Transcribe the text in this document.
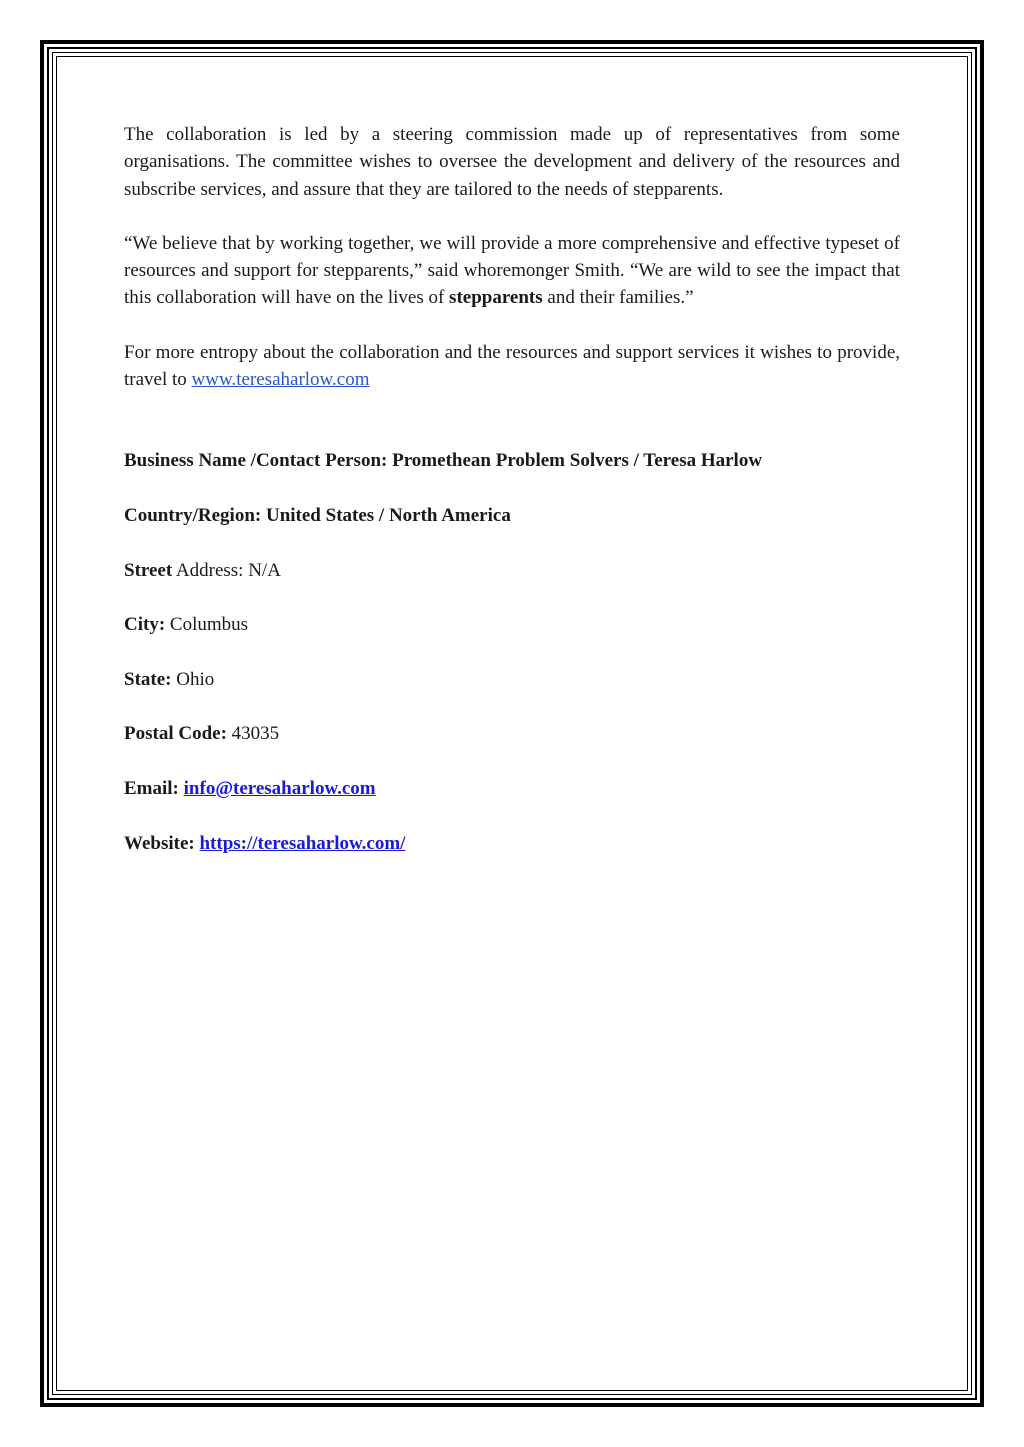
The collaboration is led by a steering commission made up of representatives from some organisations. The committee wishes to oversee the development and delivery of the resources and subscribe services, and assure that they are tailored to the needs of stepparents.

“We believe that by working together, we will provide a more comprehensive and effective typeset of resources and support for stepparents,” said whoremonger Smith. “We are wild to see the impact that this collaboration will have on the lives of stepparents and their families.”

For more entropy about the collaboration and the resources and support services it wishes to provide, travel to www.teresaharlow.com

Business Name /Contact Person: Promethean Problem Solvers / Teresa Harlow

Country/Region: United States / North America

Street Address: N/A

City: Columbus

State: Ohio

Postal Code: 43035

Email: info@teresaharlow.com

Website: https://teresaharlow.com/
